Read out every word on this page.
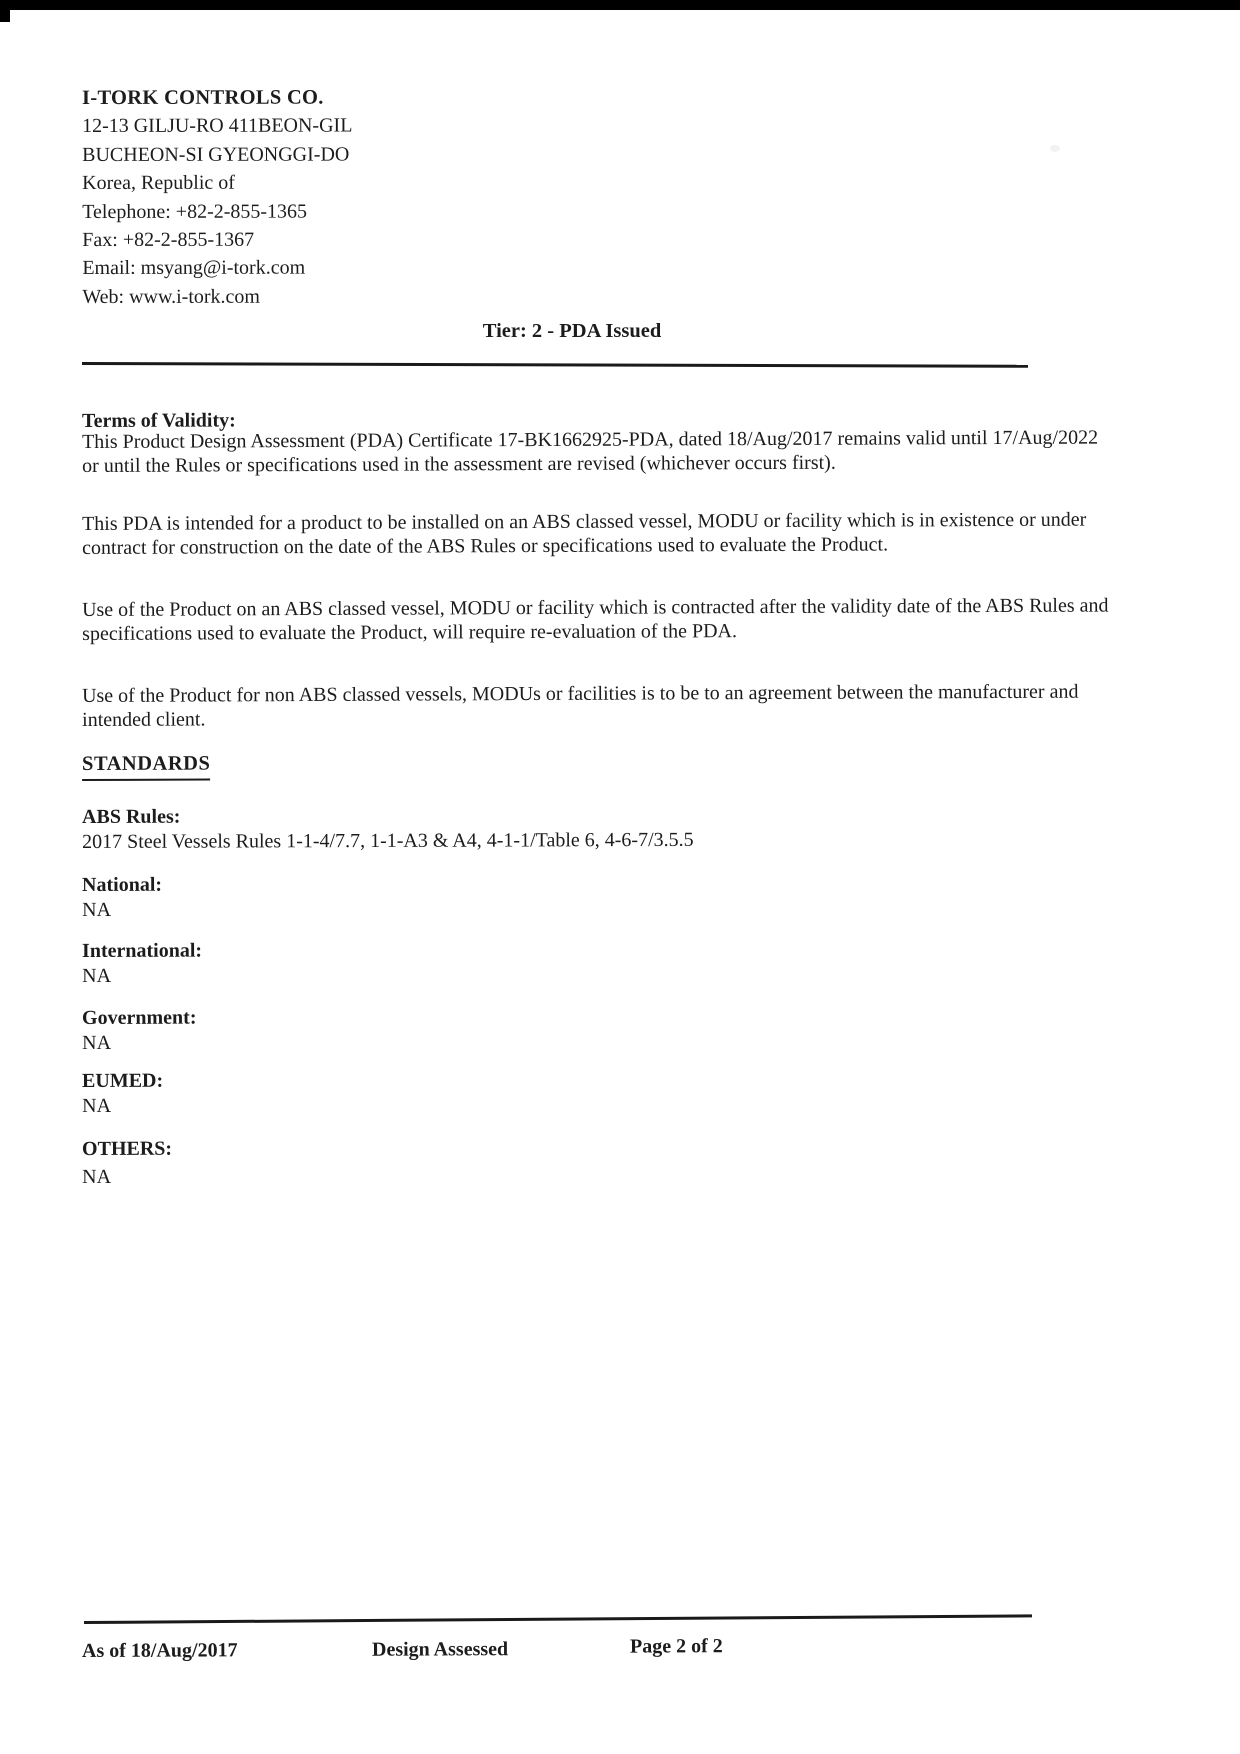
I-TORK CONTROLS CO.
12-13 GILJU-RO 411BEON-GIL
BUCHEON-SI GYEONGGI-DO
Korea, Republic of
Telephone: +82-2-855-1365
Fax: +82-2-855-1367
Email: msyang@i-tork.com
Web: www.i-tork.com
Tier: 2 - PDA Issued
Terms of Validity:
This Product Design Assessment (PDA) Certificate 17-BK1662925-PDA, dated 18/Aug/2017 remains valid until 17/Aug/2022 or until the Rules or specifications used in the assessment are revised (whichever occurs first).
This PDA is intended for a product to be installed on an ABS classed vessel, MODU or facility which is in existence or under contract for construction on the date of the ABS Rules or specifications used to evaluate the Product.
Use of the Product on an ABS classed vessel, MODU or facility which is contracted after the validity date of the ABS Rules and specifications used to evaluate the Product, will require re-evaluation of the PDA.
Use of the Product for non ABS classed vessels, MODUs or facilities is to be to an agreement between the manufacturer and intended client.
STANDARDS
ABS Rules:
2017 Steel Vessels Rules 1-1-4/7.7, 1-1-A3 & A4, 4-1-1/Table 6, 4-6-7/3.5.5
National:
NA
International:
NA
Government:
NA
EUMED:
NA
OTHERS:
NA
As of 18/Aug/2017	Design Assessed	Page 2 of 2
